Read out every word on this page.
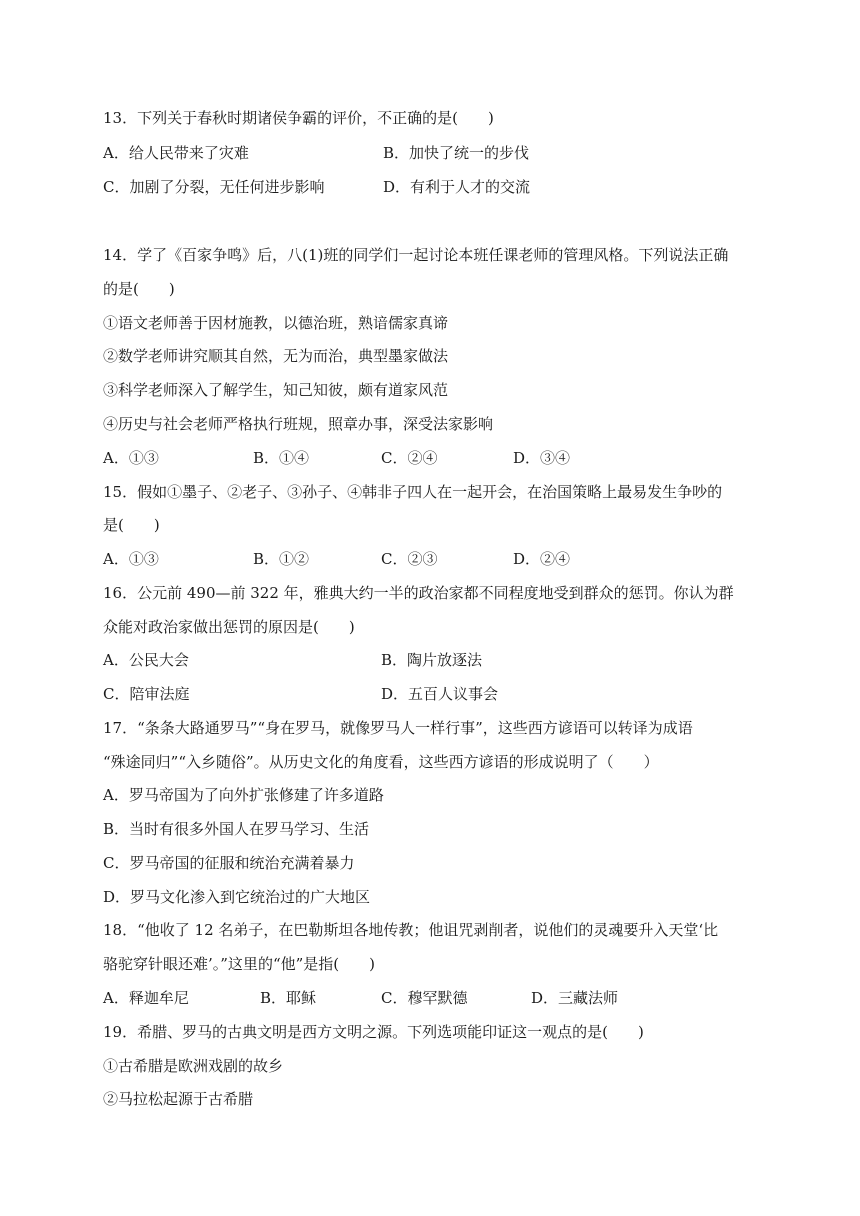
13．下列关于春秋时期诸侯争霸的评价，不正确的是(　　)
A．给人民带来了灾难	B．加快了统一的步伐
C．加剧了分裂，无任何进步影响	D．有利于人才的交流
14．学了《百家争鸣》后，八(1)班的同学们一起讨论本班任课老师的管理风格。下列说法正确
的是(　　)
①语文老师善于因材施教，以德治班，熟谙儒家真谛
②数学老师讲究顺其自然，无为而治，典型墨家做法
③科学老师深入了解学生，知己知彼，颇有道家风范
④历史与社会老师严格执行班规，照章办事，深受法家影响
A．①③	B．①④	C．②④	D．③④
15．假如①墨子、②老子、③孙子、④韩非子四人在一起开会，在治国策略上最易发生争吵的
是(　　)
A．①③	B．①②	C．②③	D．②④
16．公元前 490—前 322 年，雅典大约一半的政治家都不同程度地受到群众的惩罚。你认为群
众能对政治家做出惩罚的原因是(　　)
A．公民大会	B．陶片放逐法
C．陪审法庭	D．五百人议事会
17．“条条大路通罗马”“身在罗马，就像罗马人一样行事”，这些西方谚语可以转译为成语
“殊途同归”“入乡随俗”。从历史文化的角度看，这些西方谚语的形成说明了（　　）
A．罗马帝国为了向外扩张修建了许多道路
B．当时有很多外国人在罗马学习、生活
C．罗马帝国的征服和统治充满着暴力
D．罗马文化渗入到它统治过的广大地区
18．“他收了 12 名弟子，在巴勒斯坦各地传教；他诅咒剥削者，说他们的灵魂要升入天堂‘比
骆驼穿针眼还难’。”这里的“他”是指(　　)
A．释迦牟尼	B．耶稣	C．穆罕默德	D．三藏法师
19．希腊、罗马的古典文明是西方文明之源。下列选项能印证这一观点的是(　　)
①古希腊是欧洲戏剧的故乡
②马拉松起源于古希腊
